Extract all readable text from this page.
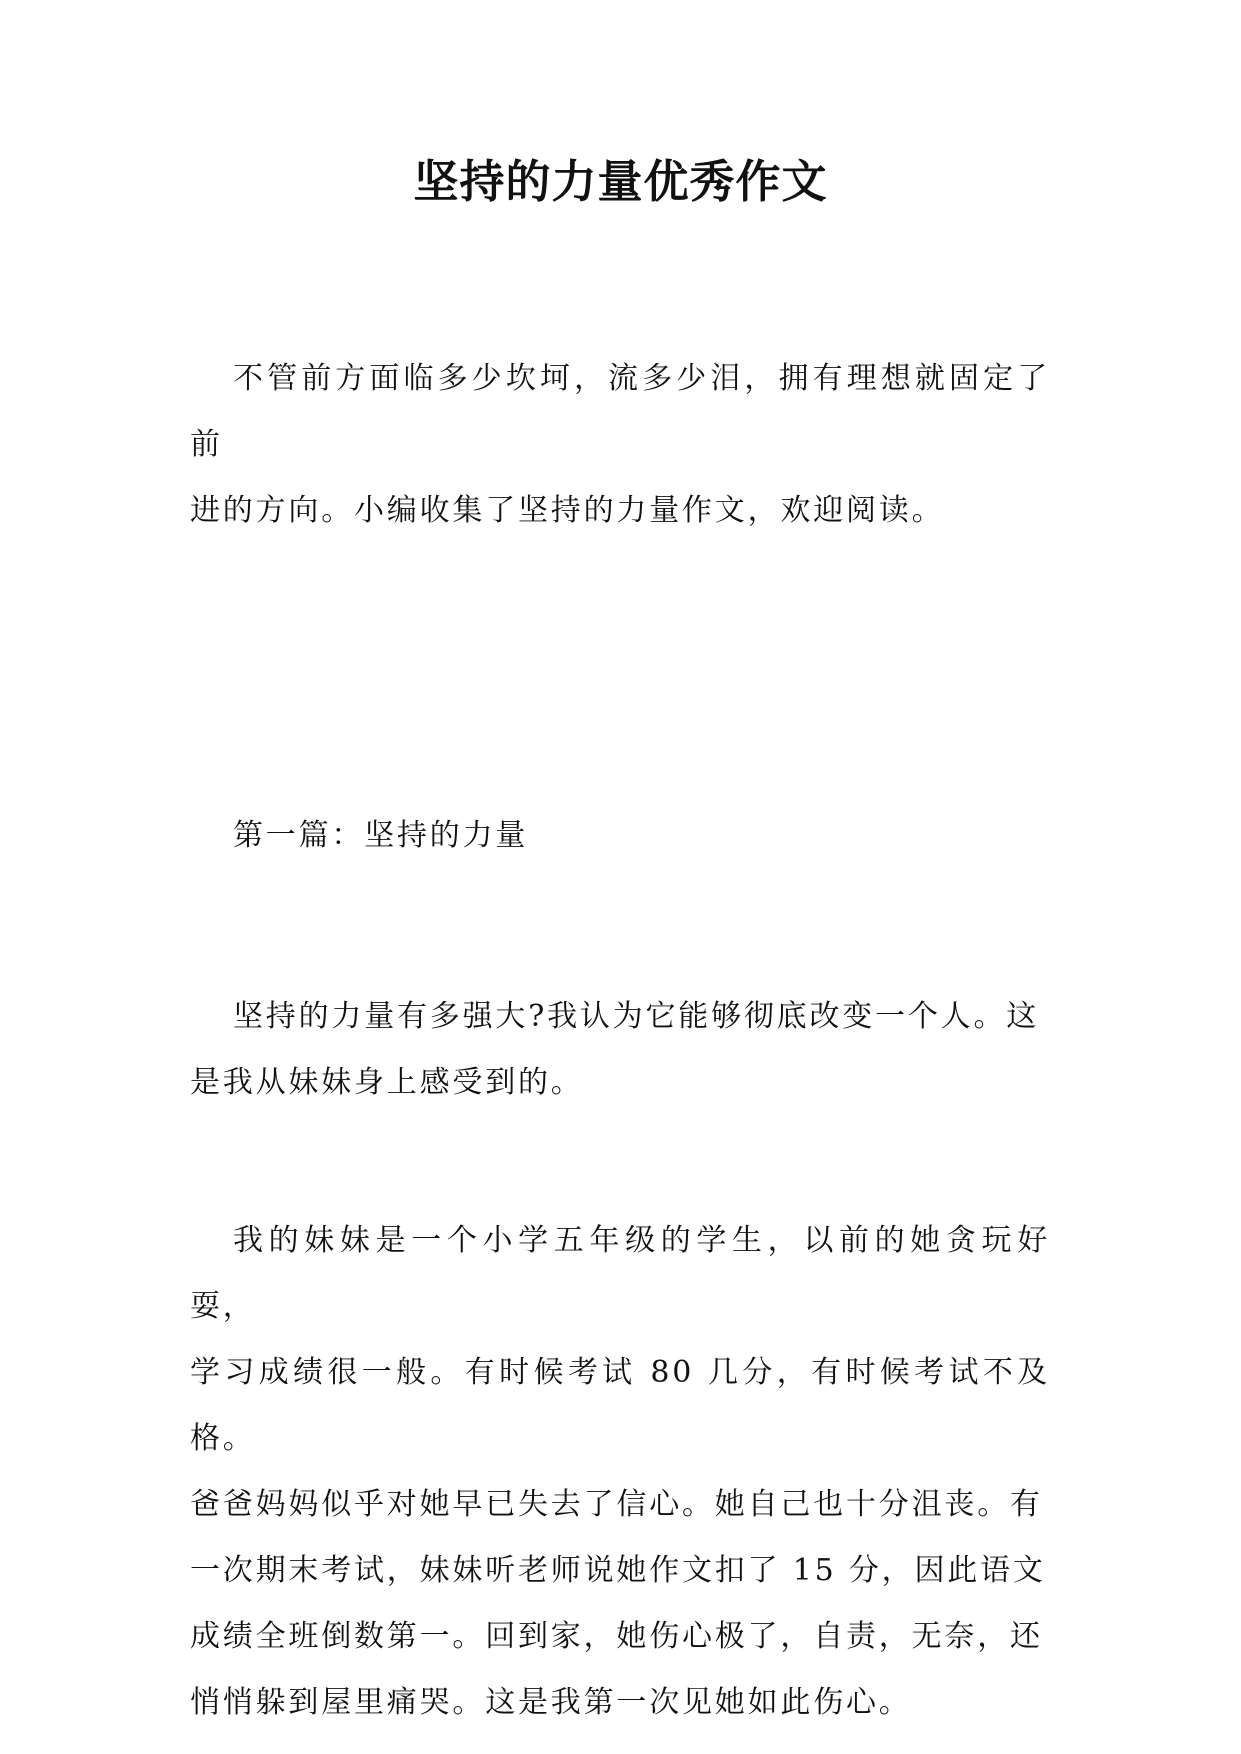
坚持的力量优秀作文

不管前方面临多少坎坷，流多少泪，拥有理想就固定了前
进的方向。小编收集了坚持的力量作文，欢迎阅读。

第一篇：坚持的力量

坚持的力量有多强大?我认为它能够彻底改变一个人。这
是我从妹妹身上感受到的。

我的妹妹是一个小学五年级的学生，以前的她贪玩好耍，
学习成绩很一般。有时候考试 80 几分，有时候考试不及格。
爸爸妈妈似乎对她早已失去了信心。她自己也十分沮丧。有
一次期末考试，妹妹听老师说她作文扣了 15 分，因此语文
成绩全班倒数第一。回到家，她伤心极了，自责，无奈，还
悄悄躲到屋里痛哭。这是我第一次见她如此伤心。
